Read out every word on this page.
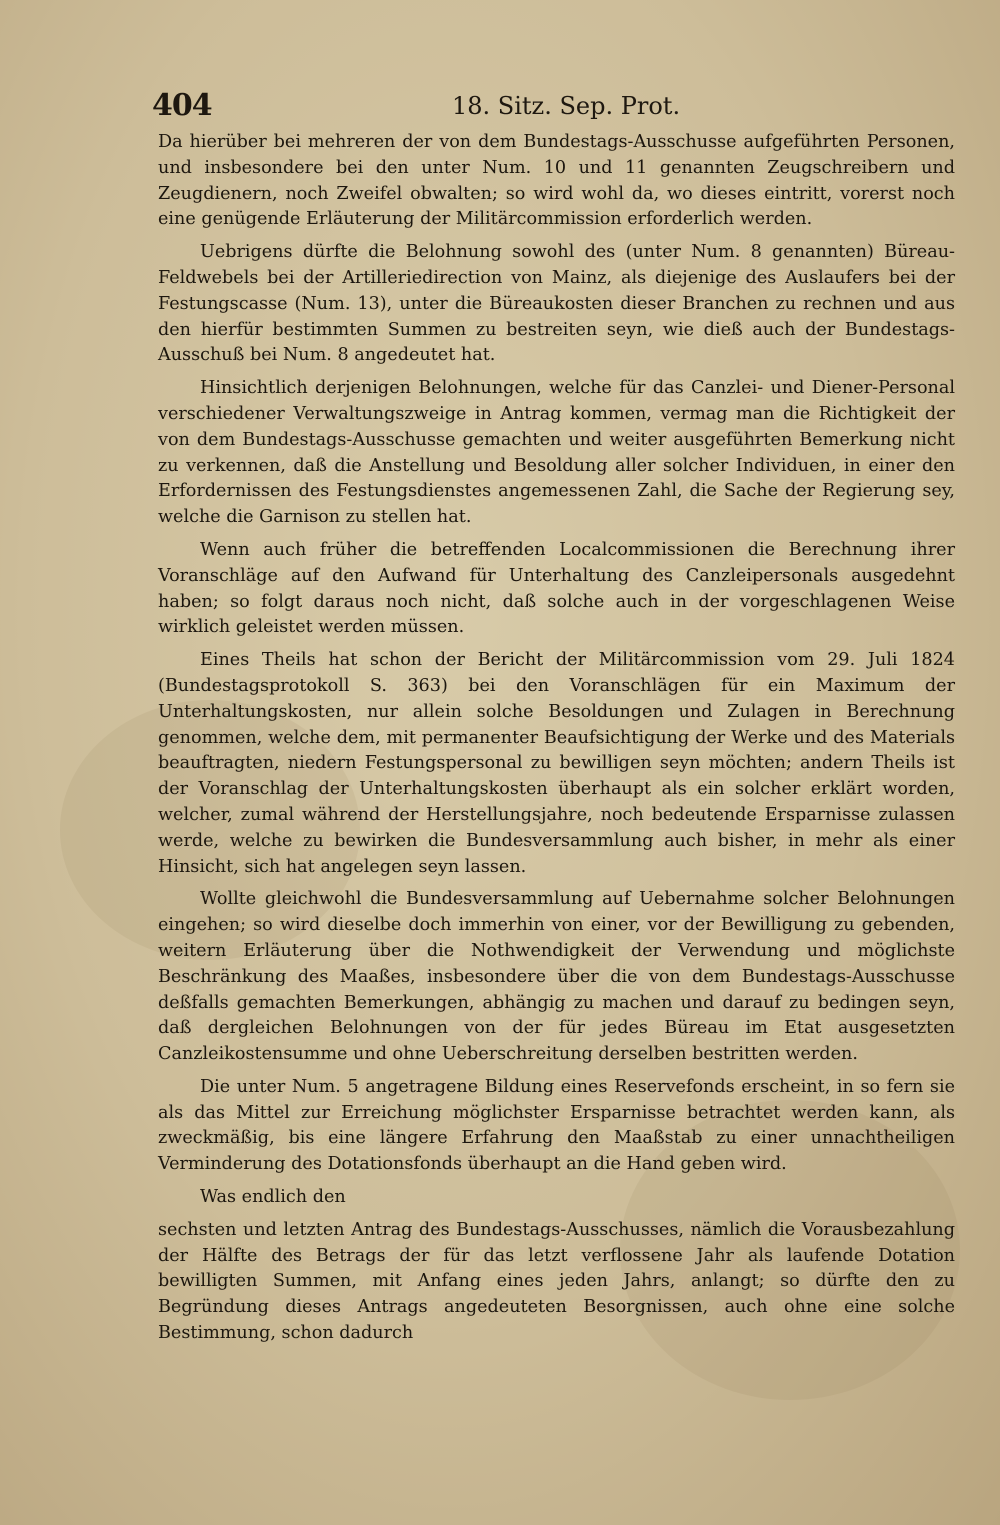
404	18. Sitz. Sep. Prot.

Da hierüber bei mehreren der von dem Bundestags-Ausschusse aufgeführten Personen, und insbesondere bei den unter Num. 10 und 11 genannten Zeugschreibern und Zeugdienern, noch Zweifel obwalten; so wird wohl da, wo dieses eintritt, vorerst noch eine genügende Erläuterung der Militärcommission erforderlich werden.

Uebrigens dürfte die Belohnung sowohl des (unter Num. 8 genannten) Büreau-Feldwebels bei der Artilleriedirection von Mainz, als diejenige des Auslaufers bei der Festungscasse (Num. 13), unter die Büreaukosten dieser Branchen zu rechnen und aus den hierfür bestimmten Summen zu bestreiten seyn, wie dieß auch der Bundestags-Ausschuß bei Num. 8 angedeutet hat.

Hinsichtlich derjenigen Belohnungen, welche für das Canzlei- und Diener-Personal verschiedener Verwaltungszweige in Antrag kommen, vermag man die Richtigkeit der von dem Bundestags-Ausschusse gemachten und weiter ausgeführten Bemerkung nicht zu verkennen, daß die Anstellung und Besoldung aller solcher Individuen, in einer den Erfordernissen des Festungsdienstes angemessenen Zahl, die Sache der Regierung sey, welche die Garnison zu stellen hat.

Wenn auch früher die betreffenden Localcommissionen die Berechnung ihrer Voranschläge auf den Aufwand für Unterhaltung des Canzleipersonals ausgedehnt haben; so folgt daraus noch nicht, daß solche auch in der vorgeschlagenen Weise wirklich geleistet werden müssen.

Eines Theils hat schon der Bericht der Militärcommission vom 29. Juli 1824 (Bundestagsprotokoll S. 363) bei den Voranschlägen für ein Maximum der Unterhaltungskosten, nur allein solche Besoldungen und Zulagen in Berechnung genommen, welche dem, mit permanenter Beaufsichtigung der Werke und des Materials beauftragten, niedern Festungspersonal zu bewilligen seyn möchten; andern Theils ist der Voranschlag der Unterhaltungskosten überhaupt als ein solcher erklärt worden, welcher, zumal während der Herstellungsjahre, noch bedeutende Ersparnisse zulassen werde, welche zu bewirken die Bundesversammlung auch bisher, in mehr als einer Hinsicht, sich hat angelegen seyn lassen.

Wollte gleichwohl die Bundesversammlung auf Uebernahme solcher Belohnungen eingehen; so wird dieselbe doch immerhin von einer, vor der Bewilligung zu gebenden, weitern Erläuterung über die Nothwendigkeit der Verwendung und möglichste Beschränkung des Maaßes, insbesondere über die von dem Bundestags-Ausschusse deßfalls gemachten Bemerkungen, abhängig zu machen und darauf zu bedingen seyn, daß dergleichen Belohnungen von der für jedes Büreau im Etat ausgesetzten Canzleikostensumme und ohne Ueberschreitung derselben bestritten werden.

Die unter Num. 5 angetragene Bildung eines Reservefonds erscheint, in so fern sie als das Mittel zur Erreichung möglichster Ersparnisse betrachtet werden kann, als zweckmäßig, bis eine längere Erfahrung den Maaßstab zu einer unnachtheiligen Verminderung des Dotationsfonds überhaupt an die Hand geben wird.

Was endlich den

sechsten und letzten Antrag des Bundestags-Ausschusses, nämlich die Vorausbezahlung der Hälfte des Betrags der für das letzt verflossene Jahr als laufende Dotation bewilligten Summen, mit Anfang eines jeden Jahrs, anlangt; so dürfte den zu Begründung dieses Antrags angedeuteten Besorgnissen, auch ohne eine solche Bestimmung, schon dadurch
